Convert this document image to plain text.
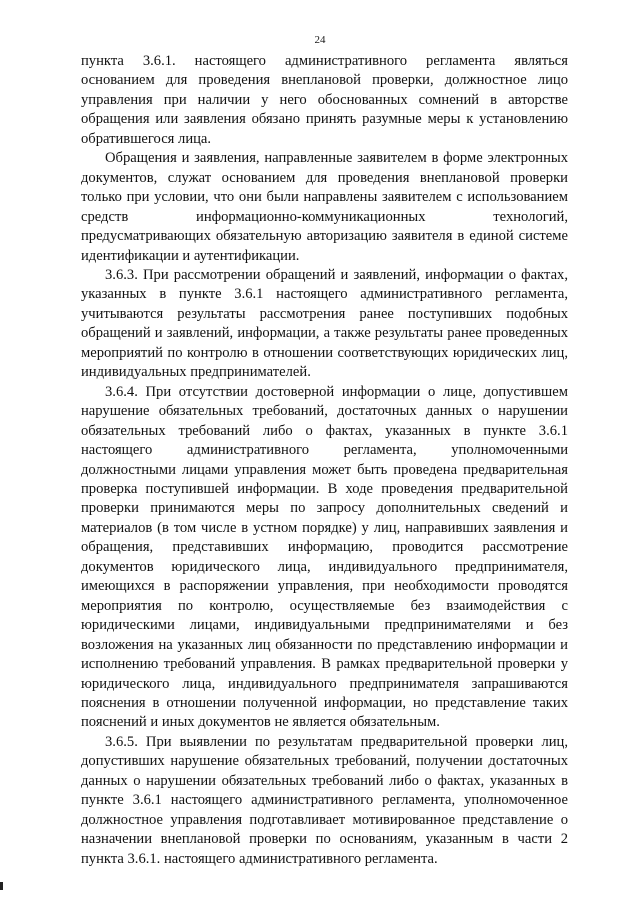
24

пункта 3.6.1. настоящего административного регламента являться основанием для проведения внеплановой проверки, должностное лицо управления при наличии у него обоснованных сомнений в авторстве обращения или заявления обязано принять разумные меры к установлению обратившегося лица.

Обращения и заявления, направленные заявителем в форме электронных документов, служат основанием для проведения внеплановой проверки только при условии, что они были направлены заявителем с использованием средств информационно-коммуникационных технологий, предусматривающих обязательную авторизацию заявителя в единой системе идентификации и аутентификации.

3.6.3. При рассмотрении обращений и заявлений, информации о фактах, указанных в пункте 3.6.1 настоящего административного регламента, учитываются результаты рассмотрения ранее поступивших подобных обращений и заявлений, информации, а также результаты ранее проведенных мероприятий по контролю в отношении соответствующих юридических лиц, индивидуальных предпринимателей.

3.6.4. При отсутствии достоверной информации о лице, допустившем нарушение обязательных требований, достаточных данных о нарушении обязательных требований либо о фактах, указанных в пункте 3.6.1 настоящего административного регламента, уполномоченными должностными лицами управления может быть проведена предварительная проверка поступившей информации. В ходе проведения предварительной проверки принимаются меры по запросу дополнительных сведений и материалов (в том числе в устном порядке) у лиц, направивших заявления и обращения, представивших информацию, проводится рассмотрение документов юридического лица, индивидуального предпринимателя, имеющихся в распоряжении управления, при необходимости проводятся мероприятия по контролю, осуществляемые без взаимодействия с юридическими лицами, индивидуальными предпринимателями и без возложения на указанных лиц обязанности по представлению информации и исполнению требований управления. В рамках предварительной проверки у юридического лица, индивидуального предпринимателя запрашиваются пояснения в отношении полученной информации, но представление таких пояснений и иных документов не является обязательным.

3.6.5. При выявлении по результатам предварительной проверки лиц, допустивших нарушение обязательных требований, получении достаточных данных о нарушении обязательных требований либо о фактах, указанных в пункте 3.6.1 настоящего административного регламента, уполномоченное должностное управления подготавливает мотивированное представление о назначении внеплановой проверки по основаниям, указанным в части 2 пункта 3.6.1. настоящего административного регламента.
